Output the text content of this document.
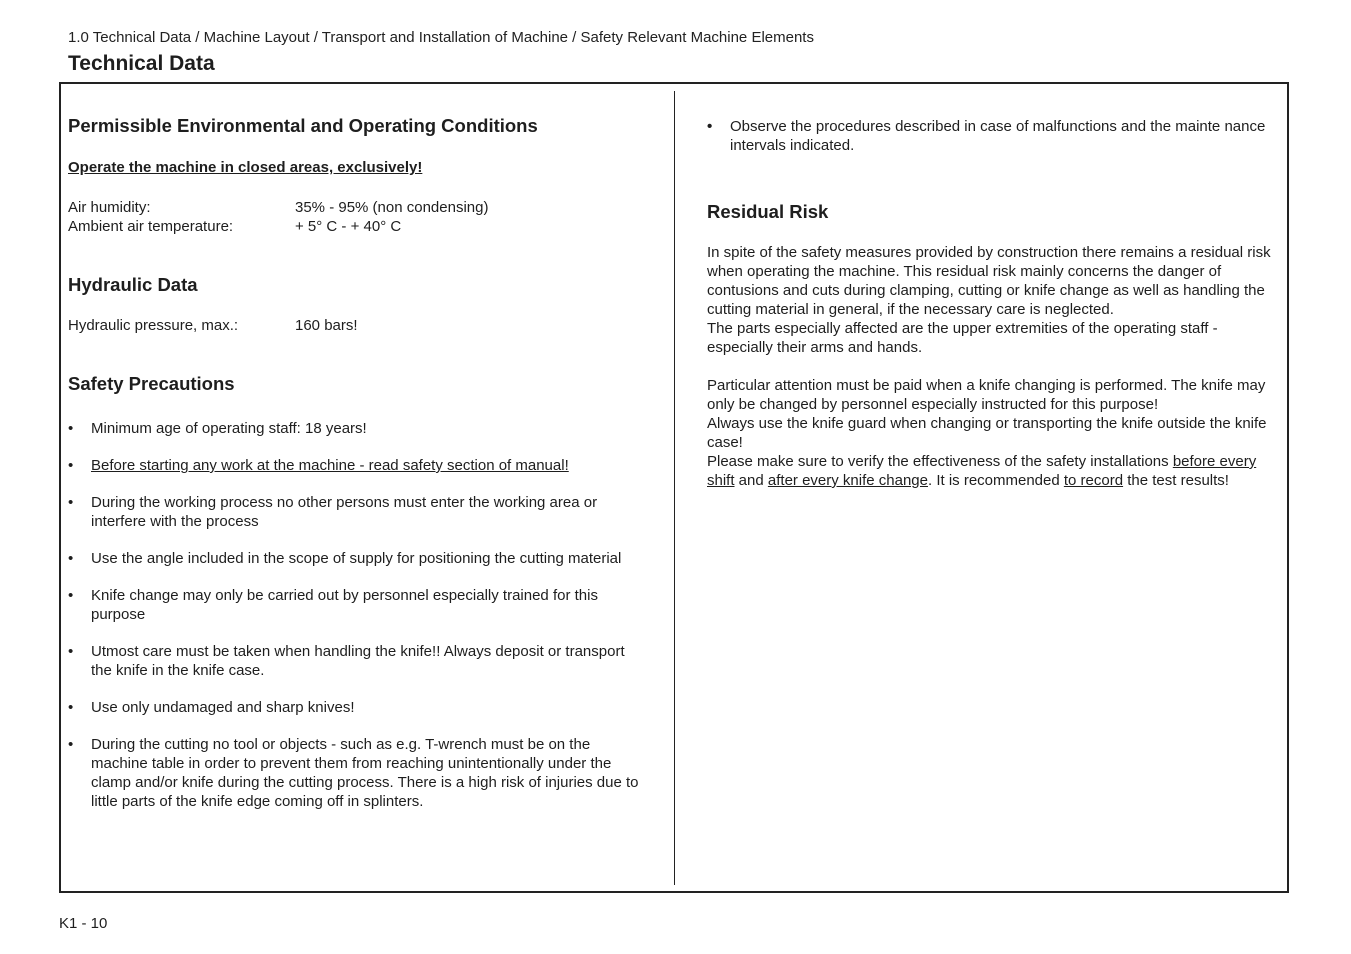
1.0 Technical Data / Machine Layout / Transport and Installation of Machine / Safety Relevant Machine Elements
Technical Data
Permissible Environmental and Operating Conditions

Operate the machine in closed areas, exclusively!

Air humidity:	35% - 95% (non condensing)
Ambient air temperature:	+ 5° C - + 40° C
Hydraulic Data
Hydraulic pressure, max.:	160 bars!
Safety Precautions
• Minimum age of operating staff: 18 years!
• Before starting any work at the machine - read safety section of manual!
• During the working process no other persons must enter the working area or interfere with the process
• Use the angle included in the scope of supply for positioning the cutting material
• Knife change may only be carried out by personnel especially trained for this purpose
• Utmost care must be taken when handling the knife!! Always deposit or transport the knife in the knife case.
• Use only undamaged and sharp knives!
• During the cutting no tool or objects - such as e.g. T-wrench must be on the machine table in order to prevent them from reaching unintentionally under the clamp and/or knife during the cutting process. There is a high risk of injuries due to little parts of the knife edge coming off in splinters.
• Observe the procedures described in case of malfunctions and the mainte nance intervals indicated.
Residual Risk

In spite of the safety measures provided by construction there remains a residual risk when operating the machine. This residual risk mainly concerns the danger of contusions and cuts during clamping, cutting or knife change as well as handling the cutting material in general, if the necessary care is neglected.

The parts especially affected are the upper extremities of the operating staff - especially their arms and hands.

Particular attention must be paid when a knife changing is performed. The knife may only be changed by personnel especially instructed for this purpose!

Always use the knife guard when changing or transporting the knife outside the knife case!

Please make sure to verify the effectiveness of the safety installations before every shift and after every knife change. It is recommended to record the test results!

K1 - 10
